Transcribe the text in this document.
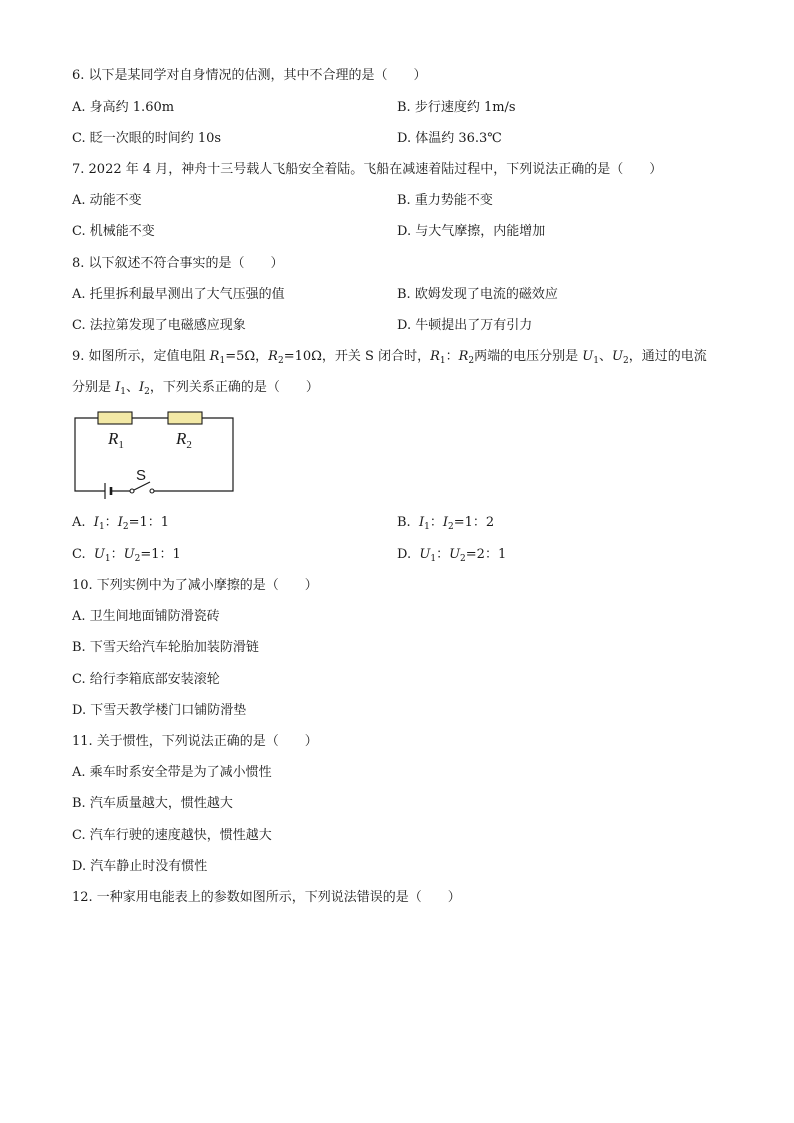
6. 以下是某同学对自身情况的估测，其中不合理的是（　　）
A. 身高约 1.60m	B. 步行速度约 1m/s
C. 眨一次眼的时间约 10s	D. 体温约 36.3℃
7. 2022 年 4 月，神舟十三号载人飞船安全着陆。飞船在减速着陆过程中，下列说法正确的是（　　）
A. 动能不变	B. 重力势能不变
C. 机械能不变	D. 与大气摩擦，内能增加
8. 以下叙述不符合事实的是（　　）
A. 托里拆利最早测出了大气压强的值	B. 欧姆发现了电流的磁效应
C. 法拉第发现了电磁感应现象	D. 牛顿提出了万有引力
9. 如图所示，定值电阻 $R_1=5\Omega$，$R_2=10\Omega$，开关 S 闭合时，$R_1$：$R_2$两端的电压分别是 $U_1$、$U_2$，通过的电流
分别是 $I_1$、$I_2$，下列关系正确的是（　　）
$R_1$	$R_2$
S
A. $I_1$：$I_2=1$：1	B. $I_1$：$I_2=1$：2
C. $U_1$：$U_2=1$：1	D. $U_1$：$U_2=2$：1
10. 下列实例中为了减小摩擦的是（　　）
A. 卫生间地面铺防滑瓷砖
B. 下雪天给汽车轮胎加装防滑链
C. 给行李箱底部安装滚轮
D. 下雪天教学楼门口铺防滑垫
11. 关于惯性，下列说法正确的是（　　）
A. 乘车时系安全带是为了减小惯性
B. 汽车质量越大，惯性越大
C. 汽车行驶的速度越快，惯性越大
D. 汽车静止时没有惯性
12. 一种家用电能表上的参数如图所示，下列说法错误的是（　　）
